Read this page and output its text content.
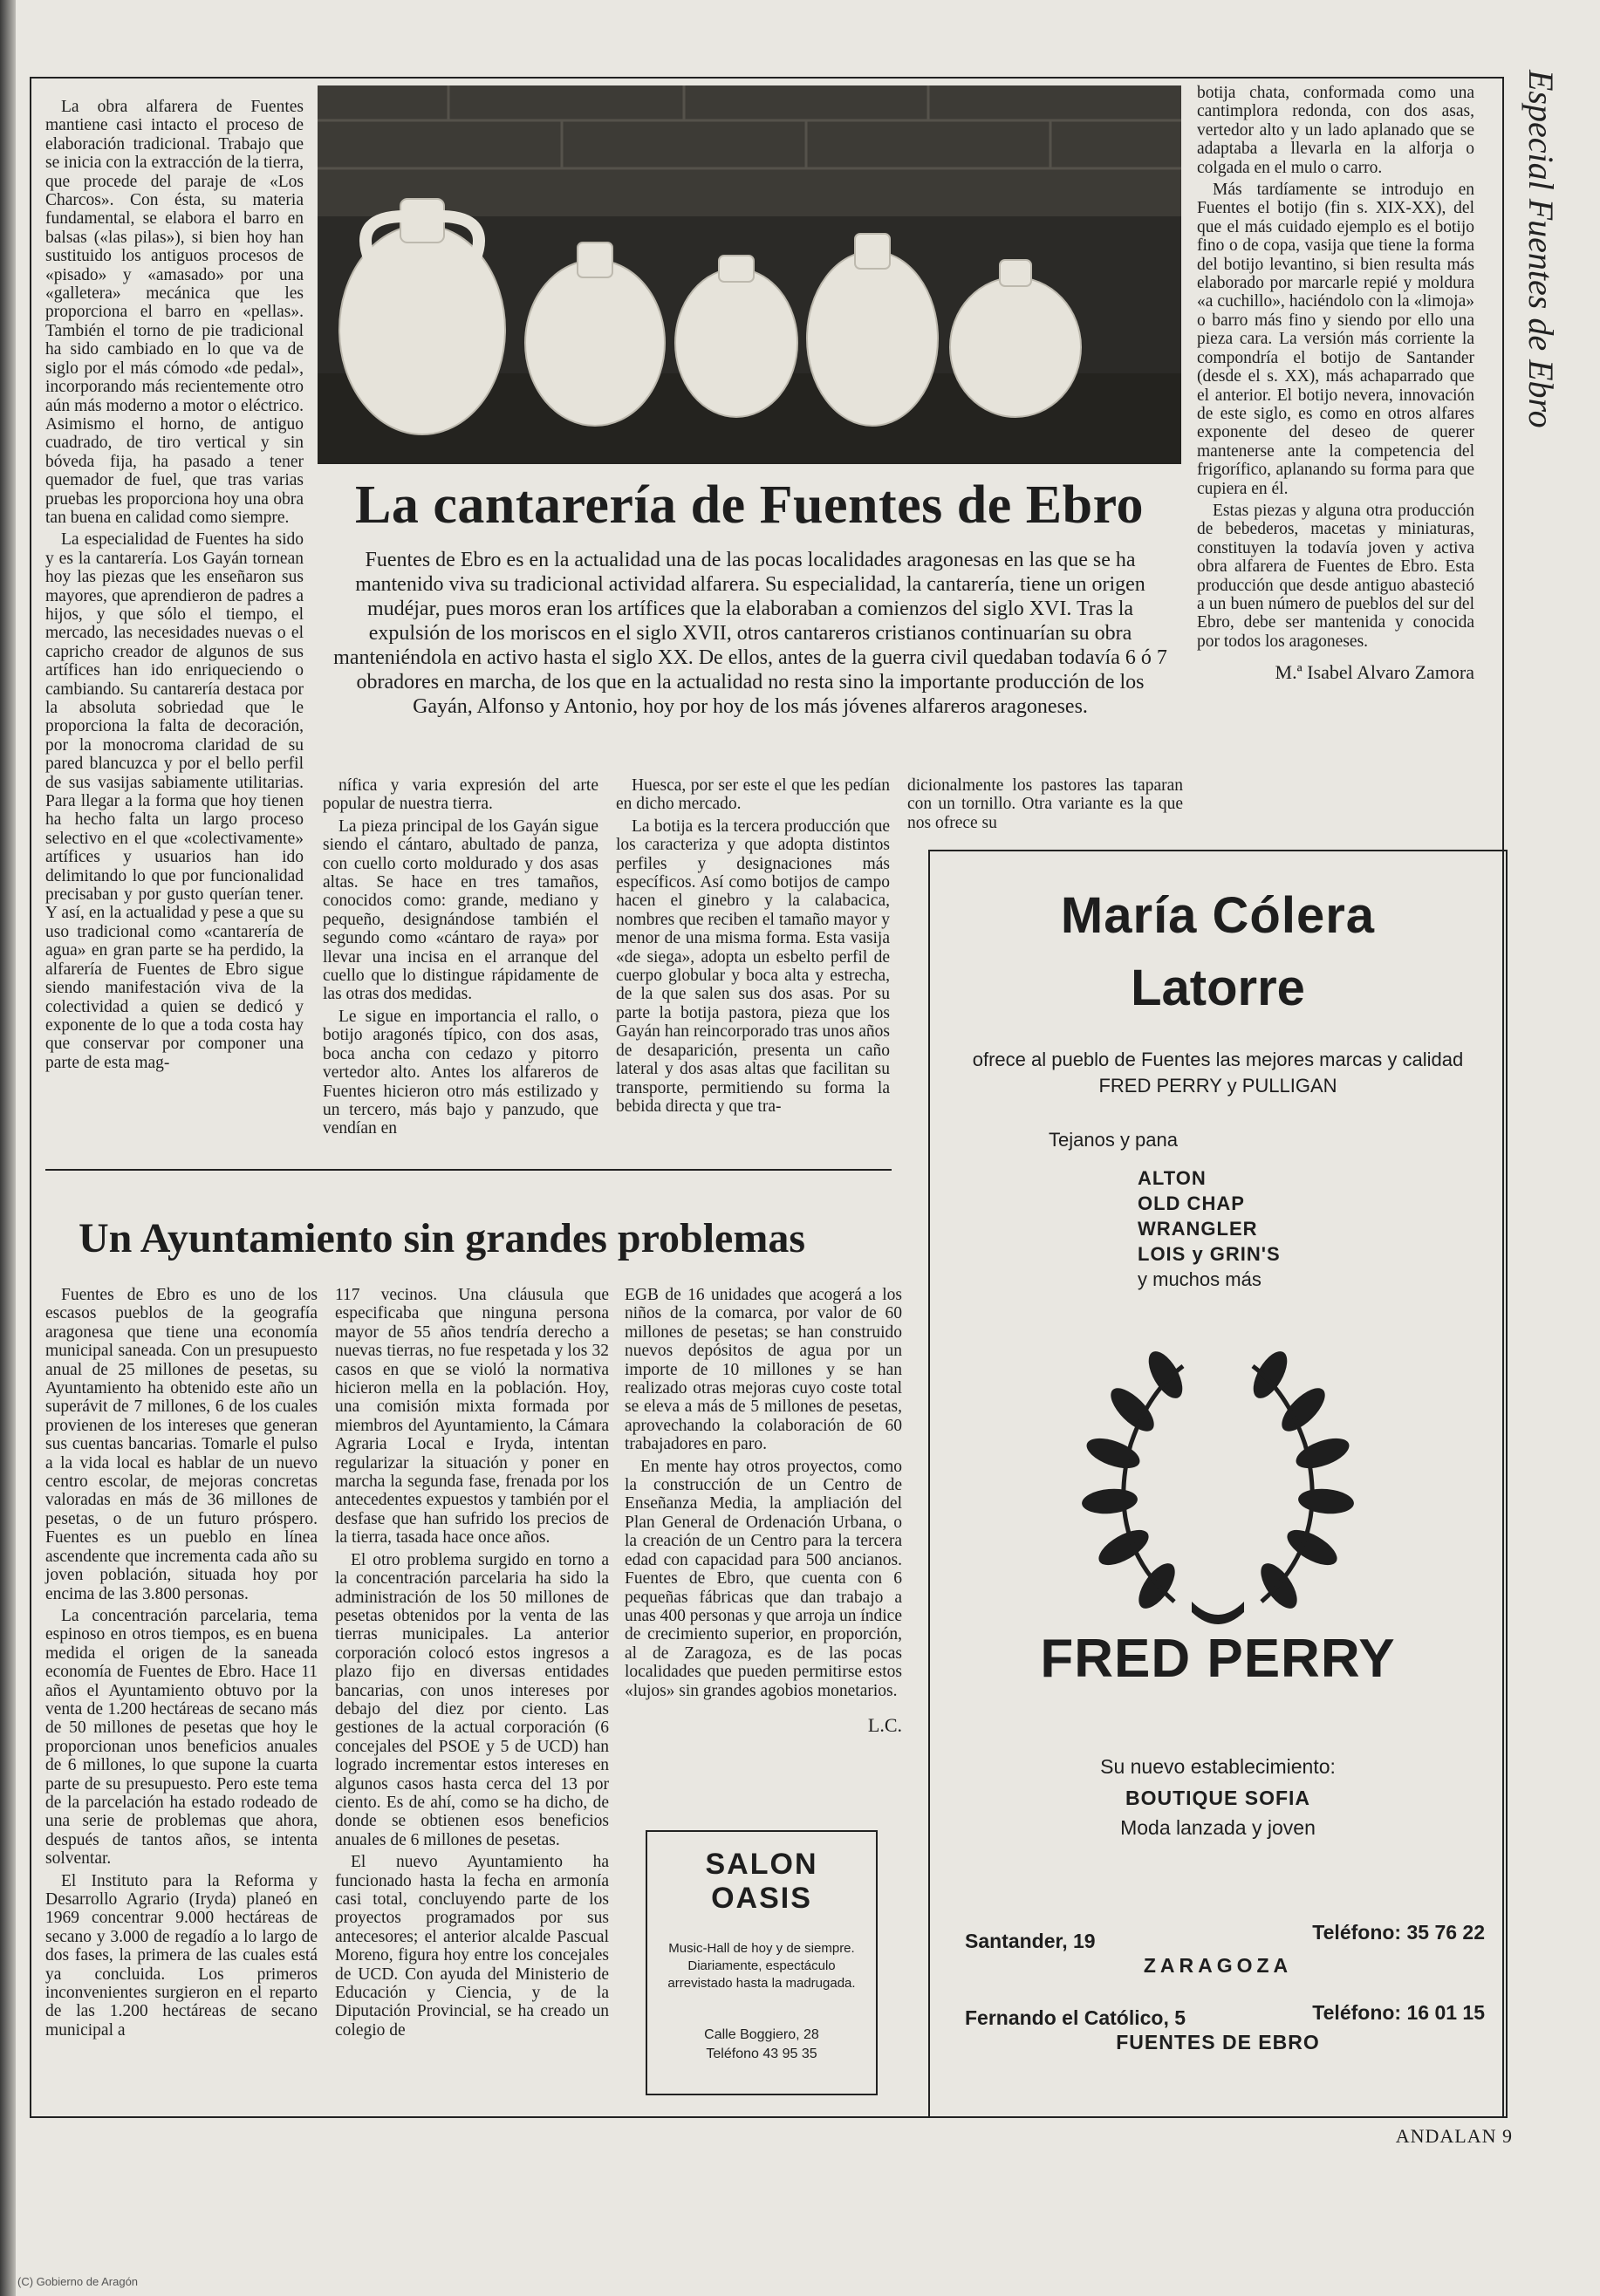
Especial Fuentes de Ebro

La obra alfarera de Fuentes mantiene casi intacto el proceso de elaboración tradicional. Trabajo que se inicia con la extracción de la tierra, que procede del paraje de «Los Charcos». Con ésta, su materia fundamental, se elabora el barro en balsas («las pilas»), si bien hoy han sustituido los antiguos procesos de «pisado» y «amasado» por una «galletera» mecánica que les proporciona el barro en «pellas». También el torno de pie tradicional ha sido cambiado en lo que va de siglo por el más cómodo «de pedal», incorporando más recientemente otro aún más moderno a motor o eléctrico. Asimismo el horno, de antiguo cuadrado, de tiro vertical y sin bóveda fija, ha pasado a tener quemador de fuel, que tras varias pruebas les proporciona hoy una obra tan buena en calidad como siempre.

La especialidad de Fuentes ha sido y es la cantarería. Los Gayán tornean hoy las piezas que les enseñaron sus mayores, que aprendieron de padres a hijos, y que sólo el tiempo, el mercado, las necesidades nuevas o el capricho creador de algunos de sus artífices han ido enriqueciendo o cambiando. Su cantarería destaca por la absoluta sobriedad que le proporciona la falta de decoración, por la monocroma claridad de su pared blancuzca y por el bello perfil de sus vasijas sabiamente utilitarias. Para llegar a la forma que hoy tienen ha hecho falta un largo proceso selectivo en el que «colectivamente» artífices y usuarios han ido delimitando lo que por funcionalidad precisaban y por gusto querían tener. Y así, en la actualidad y pese a que su uso tradicional como «cantarería de agua» en gran parte se ha perdido, la alfarería de Fuentes de Ebro sigue siendo manifestación viva de la colectividad a quien se dedicó y exponente de lo que a toda costa hay que conservar por componer una parte de esta mag-

La cantarería de Fuentes de Ebro

Fuentes de Ebro es en la actualidad una de las pocas localidades aragonesas en las que se ha mantenido viva su tradicional actividad alfarera. Su especialidad, la cantarería, tiene un origen mudéjar, pues moros eran los artífices que la elaboraban a comienzos del siglo XVI. Tras la expulsión de los moriscos en el siglo XVII, otros cantareros cristianos continuarían su obra manteniéndola en activo hasta el siglo XX. De ellos, antes de la guerra civil quedaban todavía 6 ó 7 obradores en marcha, de los que en la actualidad no resta sino la importante producción de los Gayán, Alfonso y Antonio, hoy por hoy de los más jóvenes alfareros aragoneses.

nífica y varia expresión del arte popular de nuestra tierra.

La pieza principal de los Gayán sigue siendo el cántaro, abultado de panza, con cuello corto moldurado y dos asas altas. Se hace en tres tamaños, conocidos como: grande, mediano y pequeño, designándose también el segundo como «cántaro de raya» por llevar una incisa en el arranque del cuello que lo distingue rápidamente de las otras dos medidas.

Le sigue en importancia el rallo, o botijo aragonés típico, con dos asas, boca ancha con cedazo y pitorro vertedor alto. Antes los alfareros de Fuentes hicieron otro más estilizado y un tercero, más bajo y panzudo, que vendían en

Huesca, por ser este el que les pedían en dicho mercado.

La botija es la tercera producción que los caracteriza y que adopta distintos perfiles y designaciones más específicos. Así como botijos de campo hacen el ginebro y la calabacica, nombres que reciben el tamaño mayor y menor de una misma forma. Esta vasija «de siega», adopta un esbelto perfil de cuerpo globular y boca alta y estrecha, de la que salen sus dos asas. Por su parte la botija pastora, pieza que los Gayán han reincorporado tras unos años de desaparición, presenta un caño lateral y dos asas altas que facilitan su transporte, permitiendo su forma la bebida directa y que tra-

dicionalmente los pastores las taparan con un tornillo. Otra variante es la que nos ofrece su

botija chata, conformada como una cantimplora redonda, con dos asas, vertedor alto y un lado aplanado que se adaptaba a llevarla en la alforja o colgada en el mulo o carro.

Más tardíamente se introdujo en Fuentes el botijo (fin s. XIX-XX), del que el más cuidado ejemplo es el botijo fino o de copa, vasija que tiene la forma del botijo levantino, si bien resulta más elaborado por marcarle repié y moldura «a cuchillo», haciéndolo con la «limoja» o barro más fino y siendo por ello una pieza cara. La versión más corriente la compondría el botijo de Santander (desde el s. XX), más achaparrado que el anterior. El botijo nevera, innovación de este siglo, es como en otros alfares exponente del deseo de querer mantenerse ante la competencia del frigorífico, aplanando su forma para que cupiera en él.

Estas piezas y alguna otra producción de bebederos, macetas y miniaturas, constituyen la todavía joven y activa obra alfarera de Fuentes de Ebro. Esta producción que desde antiguo abasteció a un buen número de pueblos del sur del Ebro, debe ser mantenida y conocida por todos los aragoneses.

M.ª Isabel Alvaro Zamora

Un Ayuntamiento sin grandes problemas

Fuentes de Ebro es uno de los escasos pueblos de la geografía aragonesa que tiene una economía municipal saneada. Con un presupuesto anual de 25 millones de pesetas, su Ayuntamiento ha obtenido este año un superávit de 7 millones, 6 de los cuales provienen de los intereses que generan sus cuentas bancarias. Tomarle el pulso a la vida local es hablar de un nuevo centro escolar, de mejoras concretas valoradas en más de 36 millones de pesetas, o de un futuro próspero. Fuentes es un pueblo en línea ascendente que incrementa cada año su joven población, situada hoy por encima de las 3.800 personas.

La concentración parcelaria, tema espinoso en otros tiempos, es en buena medida el origen de la saneada economía de Fuentes de Ebro. Hace 11 años el Ayuntamiento obtuvo por la venta de 1.200 hectáreas de secano más de 50 millones de pesetas que hoy le proporcionan unos beneficios anuales de 6 millones, lo que supone la cuarta parte de su presupuesto. Pero este tema de la parcelación ha estado rodeado de una serie de problemas que ahora, después de tantos años, se intenta solventar.

El Instituto para la Reforma y Desarrollo Agrario (Iryda) planeó en 1969 concentrar 9.000 hectáreas de secano y 3.000 de regadío a lo largo de dos fases, la primera de las cuales está ya concluida. Los primeros inconvenientes surgieron en el reparto de las 1.200 hectáreas de secano municipal a

117 vecinos. Una cláusula que especificaba que ninguna persona mayor de 55 años tendría derecho a nuevas tierras, no fue respetada y los 32 casos en que se violó la normativa hicieron mella en la población. Hoy, una comisión mixta formada por miembros del Ayuntamiento, la Cámara Agraria Local e Iryda, intentan regularizar la situación y poner en marcha la segunda fase, frenada por los antecedentes expuestos y también por el desfase que han sufrido los precios de la tierra, tasada hace once años.

El otro problema surgido en torno a la concentración parcelaria ha sido la administración de los 50 millones de pesetas obtenidos por la venta de las tierras municipales. La anterior corporación colocó estos ingresos a plazo fijo en diversas entidades bancarias, con unos intereses por debajo del diez por ciento. Las gestiones de la actual corporación (6 concejales del PSOE y 5 de UCD) han logrado incrementar estos intereses en algunos casos hasta cerca del 13 por ciento. Es de ahí, como se ha dicho, de donde se obtienen esos beneficios anuales de 6 millones de pesetas.

El nuevo Ayuntamiento ha funcionado hasta la fecha en armonía casi total, concluyendo parte de los proyectos programados por sus antecesores; el anterior alcalde Pascual Moreno, figura hoy entre los concejales de UCD. Con ayuda del Ministerio de Educación y Ciencia, y de la Diputación Provincial, se ha creado un colegio de

EGB de 16 unidades que acogerá a los niños de la comarca, por valor de 60 millones de pesetas; se han construido nuevos depósitos de agua por un importe de 10 millones y se han realizado otras mejoras cuyo coste total se eleva a más de 5 millones de pesetas, aprovechando la colaboración de 60 trabajadores en paro.

En mente hay otros proyectos, como la construcción de un Centro de Enseñanza Media, la ampliación del Plan General de Ordenación Urbana, o la creación de un Centro para la tercera edad con capacidad para 500 ancianos. Fuentes de Ebro, que cuenta con 6 pequeñas fábricas que dan trabajo a unas 400 personas y que arroja un índice de crecimiento superior, en proporción, al de Zaragoza, es de las pocas localidades que pueden permitirse estos «lujos» sin grandes agobios monetarios.

L.C.

SALON
OASIS
Music-Hall de hoy y de siempre. Diariamente, espectáculo arrevistado hasta la madrugada.
Calle Boggiero, 28
Teléfono 43 95 35
María Cólera
Latorre
ofrece al pueblo de Fuentes las mejores marcas y calidad
FRED PERRY y PULLIGAN
Tejanos y pana
ALTON
OLD CHAP
WRANGLER
LOIS y GRIN'S
y muchos más
FRED PERRY
Su nuevo establecimiento:
BOUTIQUE SOFIA
Moda lanzada y joven
Santander, 19	Teléfono: 35 76 22
ZARAGOZA
Fernando el Católico, 5	Teléfono: 16 01 15
FUENTES DE EBRO
ANDALAN 9
(C) Gobierno de Aragón
